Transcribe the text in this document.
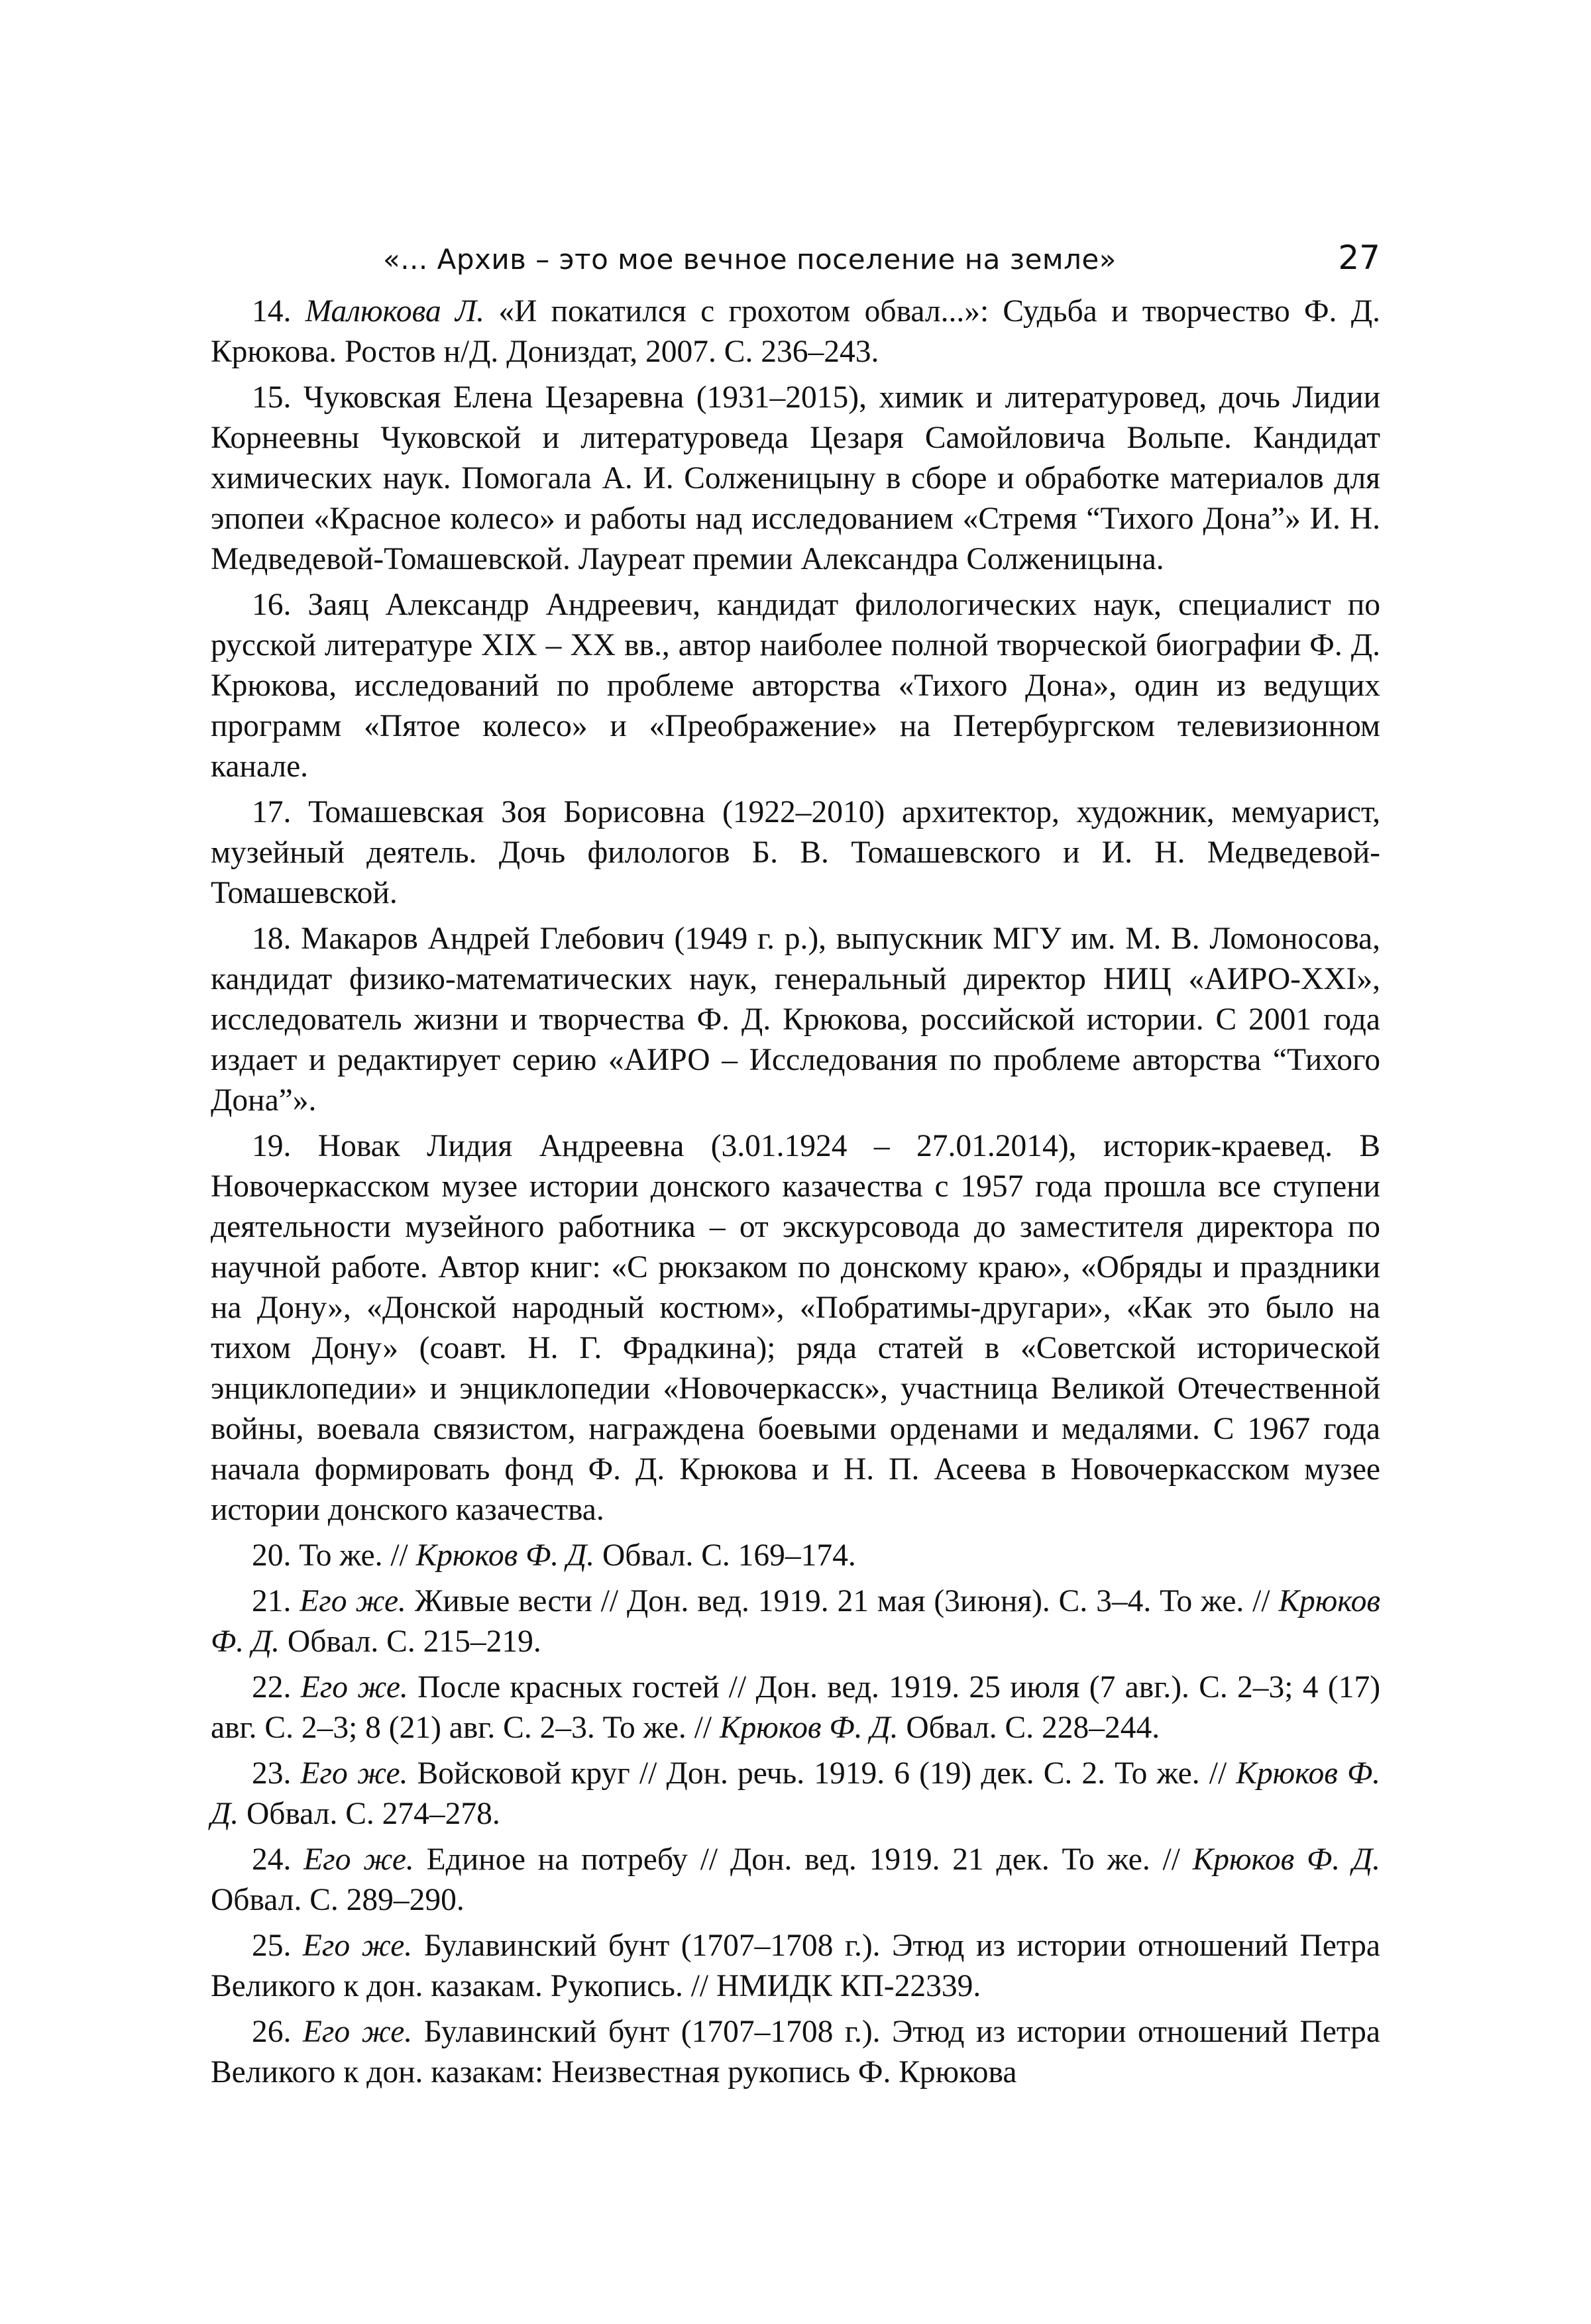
«... Архив – это мое вечное поселение на земле»	27

14. Малюкова Л. «И покатился с грохотом обвал...»: Судьба и творчество Ф. Д. Крюкова. Ростов н/Д. Дониздат, 2007. С. 236–243.

15. Чуковская Елена Цезаревна (1931–2015), химик и литературовед, дочь Лидии Корнеевны Чуковской и литературоведа Цезаря Самойловича Вольпе. Кандидат химических наук. Помогала А. И. Солженицыну в сборе и обработке материалов для эпопеи «Красное колесо» и работы над исследованием «Стремя “Тихого Дона”» И. Н. Медведевой-Томашевской. Лауреат премии Александра Солженицына.

16. Заяц Александр Андреевич, кандидат филологических наук, специалист по русской литературе XIX – XX вв., автор наиболее полной творческой биографии Ф. Д. Крюкова, исследований по проблеме авторства «Тихого Дона», один из ведущих программ «Пятое колесо» и «Преображение» на Петербургском телевизионном канале.

17. Томашевская Зоя Борисовна (1922–2010) архитектор, художник, мемуарист, музейный деятель. Дочь филологов Б. В. Томашевского и И. Н. Медведевой-Томашевской.

18. Макаров Андрей Глебович (1949 г. р.), выпускник МГУ им. М. В. Ломоносова, кандидат физико-математических наук, генеральный директор НИЦ «АИРО-XXI», исследователь жизни и творчества Ф. Д. Крюкова, российской истории. С 2001 года издает и редактирует серию «АИРО – Исследования по проблеме авторства “Тихого Дона”».

19. Новак Лидия Андреевна (3.01.1924 – 27.01.2014), историк-краевед. В Новочеркасском музее истории донского казачества с 1957 года прошла все ступени деятельности музейного работника – от экскурсовода до заместителя директора по научной работе. Автор книг: «С рюкзаком по донскому краю», «Обряды и праздники на Дону», «Донской народный костюм», «Побратимы-другари», «Как это было на тихом Дону» (соавт. Н. Г. Фрадкина); ряда статей в «Советской исторической энциклопедии» и энциклопедии «Новочеркасск», участница Великой Отечественной войны, воевала связистом, награждена боевыми орденами и медалями. С 1967 года начала формировать фонд Ф. Д. Крюкова и Н. П. Асеева в Новочеркасском музее истории донского казачества.

20. То же. // Крюков Ф. Д. Обвал. С. 169–174.

21. Его же. Живые вести // Дон. вед. 1919. 21 мая (3июня). С. 3–4. То же. // Крюков Ф. Д. Обвал. С. 215–219.

22. Его же. После красных гостей // Дон. вед. 1919. 25 июля (7 авг.). С. 2–3; 4 (17) авг. С. 2–3; 8 (21) авг. С. 2–3. То же. // Крюков Ф. Д. Обвал. С. 228–244.

23. Его же. Войсковой круг // Дон. речь. 1919. 6 (19) дек. С. 2. То же. // Крюков Ф. Д. Обвал. С. 274–278.

24. Его же. Единое на потребу // Дон. вед. 1919. 21 дек. То же. // Крюков Ф. Д. Обвал. С. 289–290.

25. Его же. Булавинский бунт (1707–1708 г.). Этюд из истории отношений Петра Великого к дон. казакам. Рукопись. // НМИДК КП-22339.

26. Его же. Булавинский бунт (1707–1708 г.). Этюд из истории отношений Петра Великого к дон. казакам: Неизвестная рукопись Ф. Крюкова
